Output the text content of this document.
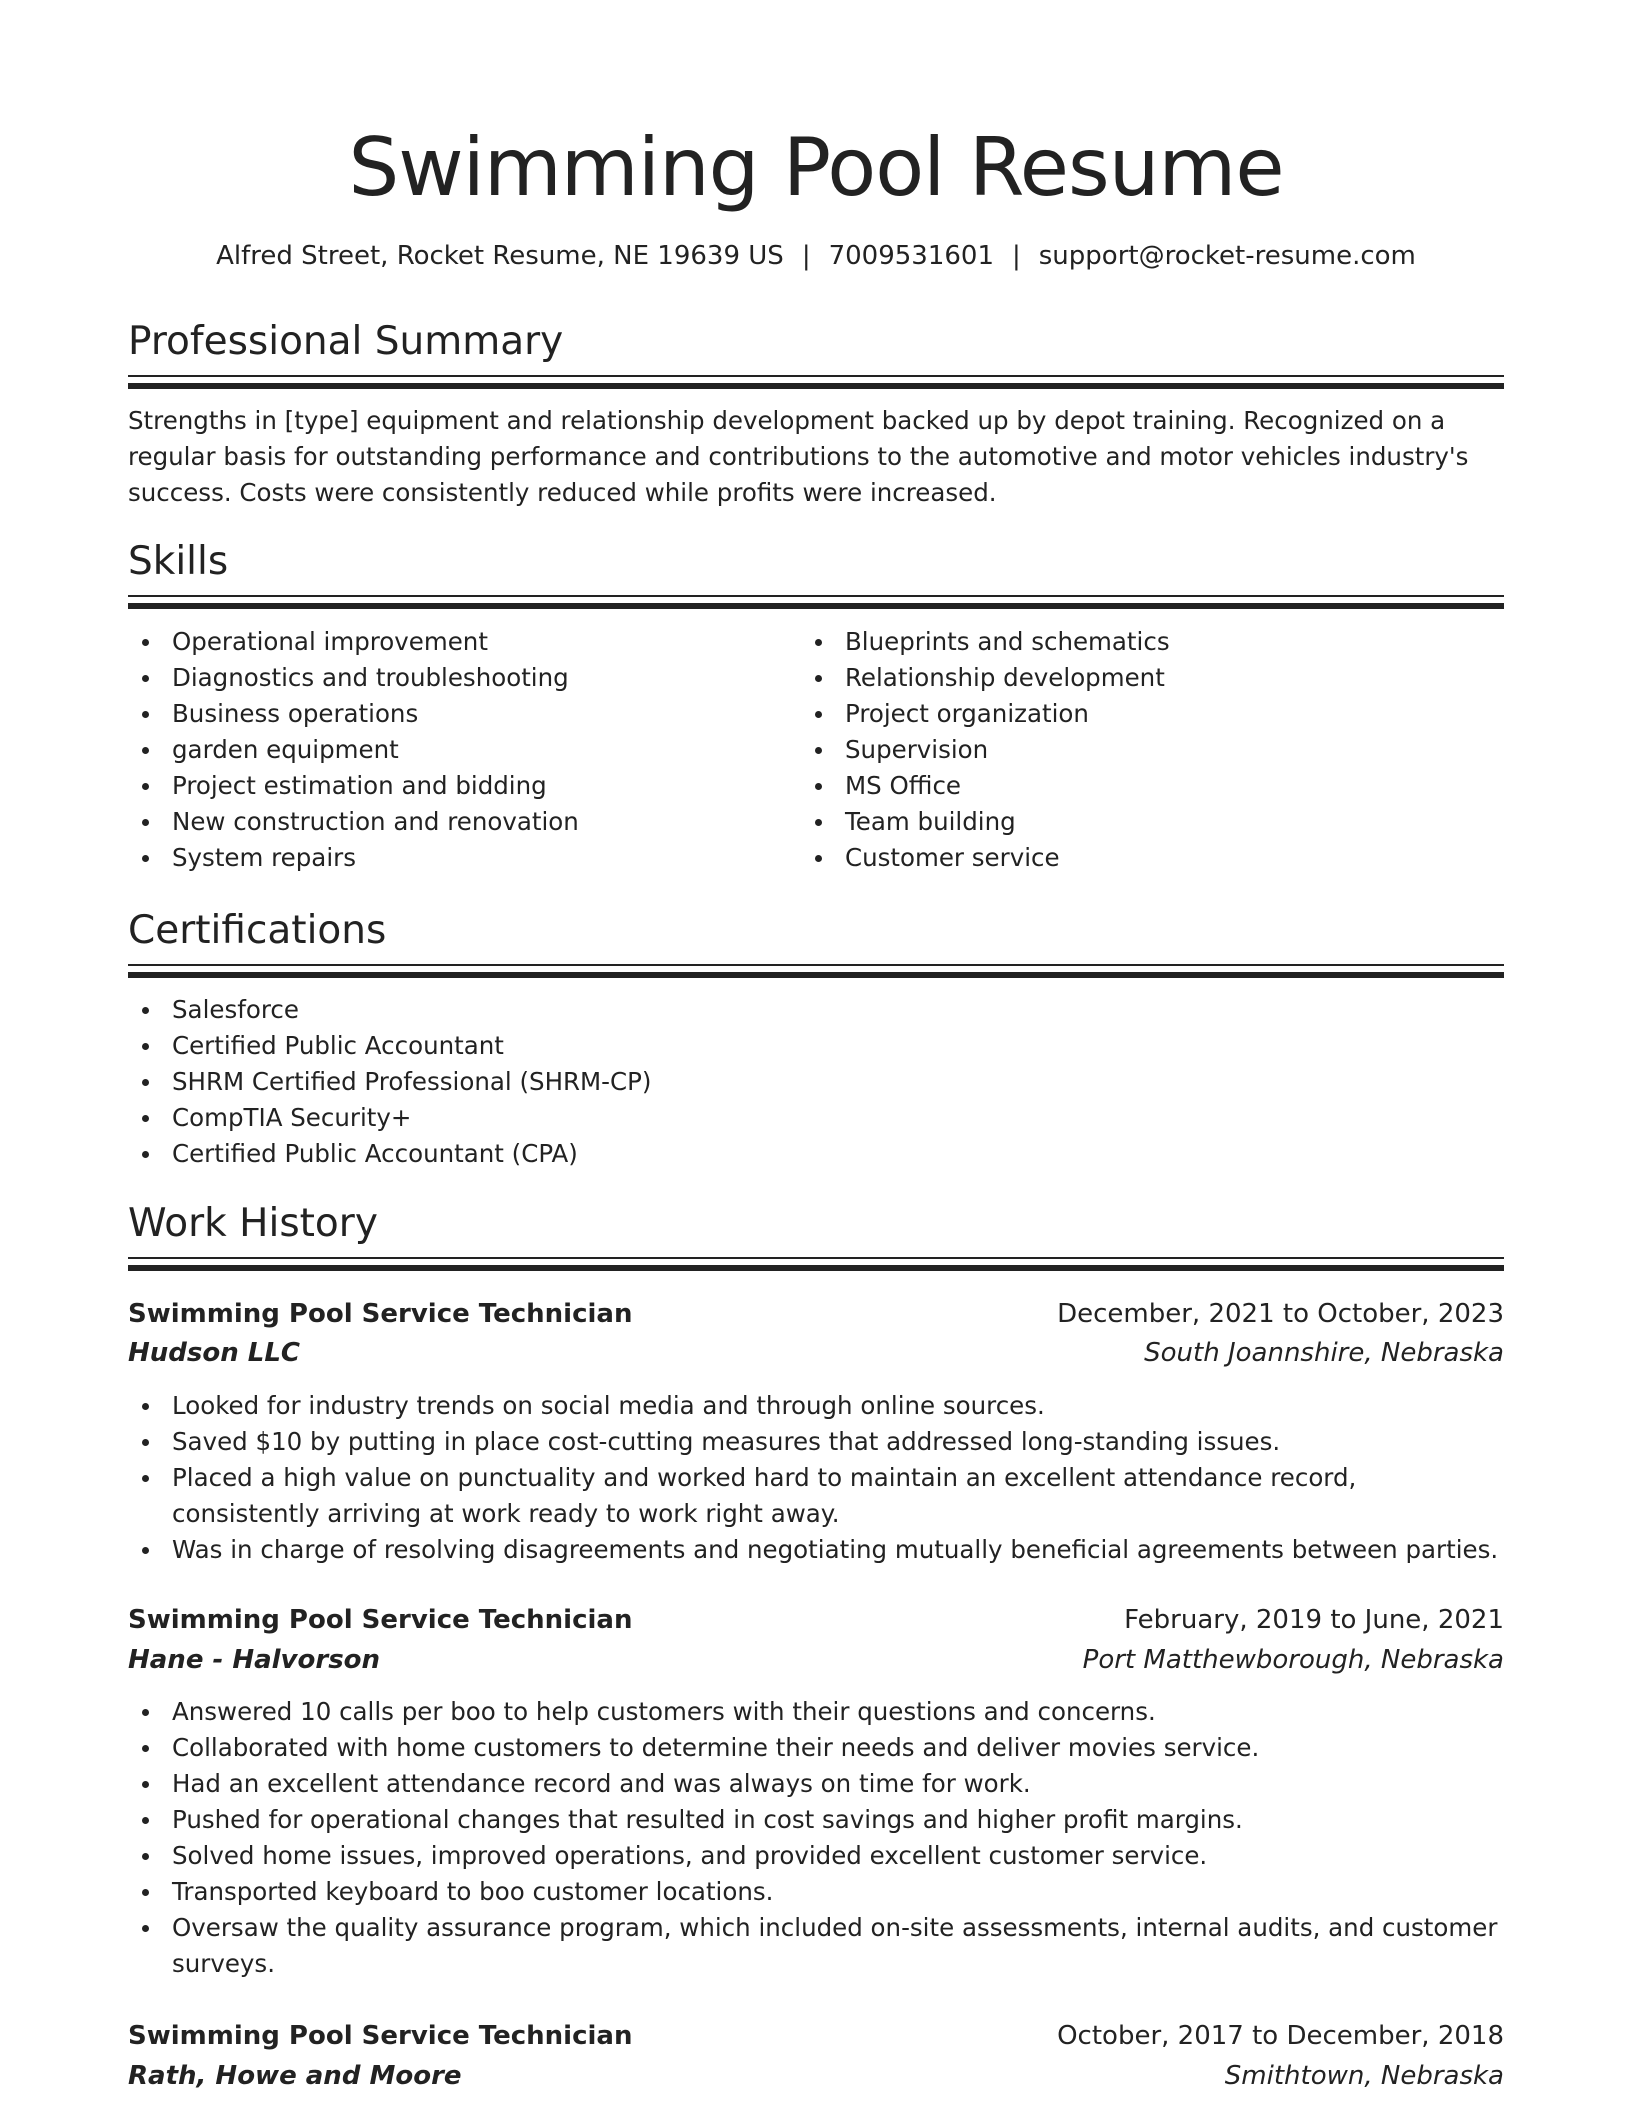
Swimming Pool Resume
Alfred Street, Rocket Resume, NE 19639 US | 7009531601 | support@rocket-resume.com
Professional Summary

Strengths in [type] equipment and relationship development backed up by depot training. Recognized on a regular basis for outstanding performance and contributions to the automotive and motor vehicles industry's success. Costs were consistently reduced while profits were increased.

Skills
Operational improvement
Diagnostics and troubleshooting
Business operations
garden equipment
Project estimation and bidding
New construction and renovation
System repairs
Blueprints and schematics
Relationship development
Project organization
Supervision
MS Office
Team building
Customer service
Certifications
Salesforce
Certified Public Accountant
SHRM Certified Professional (SHRM-CP)
CompTIA Security+
Certified Public Accountant (CPA)
Work History
Swimming Pool Service Technician	December, 2021 to October, 2023
Hudson LLC	South Joannshire, Nebraska
Looked for industry trends on social media and through online sources.
Saved $10 by putting in place cost-cutting measures that addressed long-standing issues.
Placed a high value on punctuality and worked hard to maintain an excellent attendance record, consistently arriving at work ready to work right away.
Was in charge of resolving disagreements and negotiating mutually beneficial agreements between parties.
Swimming Pool Service Technician	February, 2019 to June, 2021
Hane - Halvorson	Port Matthewborough, Nebraska
Answered 10 calls per boo to help customers with their questions and concerns.
Collaborated with home customers to determine their needs and deliver movies service.
Had an excellent attendance record and was always on time for work.
Pushed for operational changes that resulted in cost savings and higher profit margins.
Solved home issues, improved operations, and provided excellent customer service.
Transported keyboard to boo customer locations.
Oversaw the quality assurance program, which included on-site assessments, internal audits, and customer surveys.
Swimming Pool Service Technician	October, 2017 to December, 2018
Rath, Howe and Moore	Smithtown, Nebraska
